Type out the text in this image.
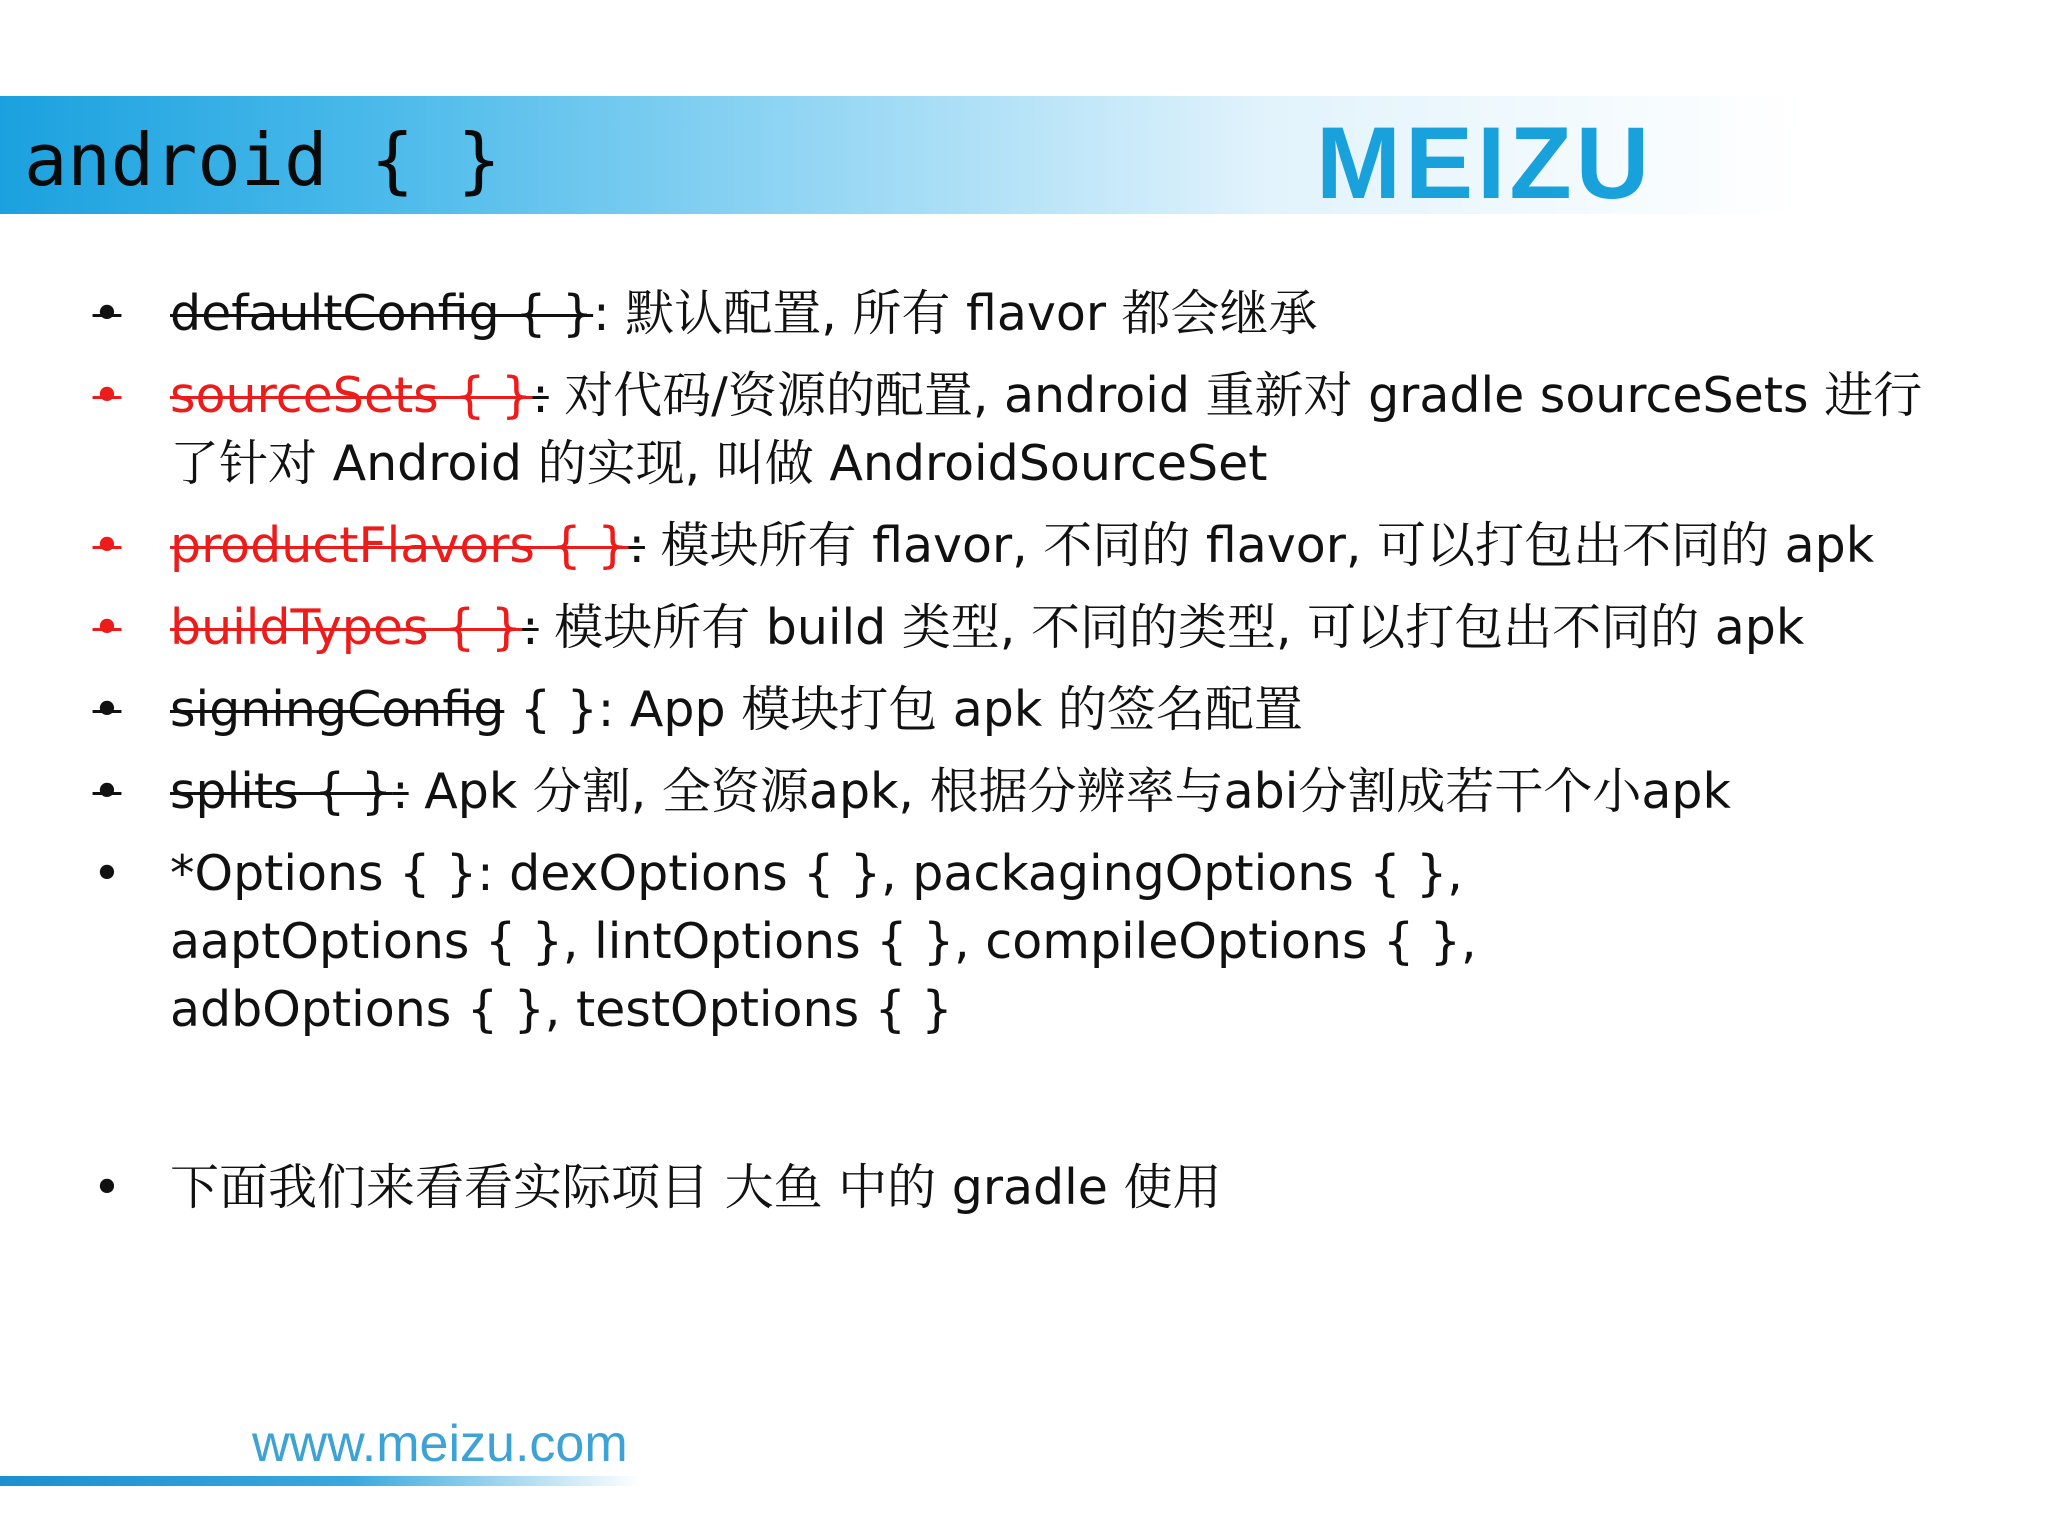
android { }	MEIZU
• defaultConfig { }: 默认配置, 所有 flavor 都会继承
• sourceSets { }: 对代码/资源的配置, android 重新对 gradle sourceSets 进行了针对 Android 的实现, 叫做 AndroidSourceSet
• productFlavors { }: 模块所有 flavor, 不同的 flavor, 可以打包出不同的 apk
• buildTypes { }: 模块所有 build 类型, 不同的类型, 可以打包出不同的 apk
• signingConfig { }: App 模块打包 apk 的签名配置
• splits { }: Apk 分割, 全资源apk, 根据分辨率与abi分割成若干个小apk
• *Options { }: dexOptions { }, packagingOptions { }, aaptOptions { }, lintOptions { }, compileOptions { }, adbOptions { }, testOptions { }
• 下面我们来看看实际项目 大鱼 中的 gradle 使用
www.meizu.com
